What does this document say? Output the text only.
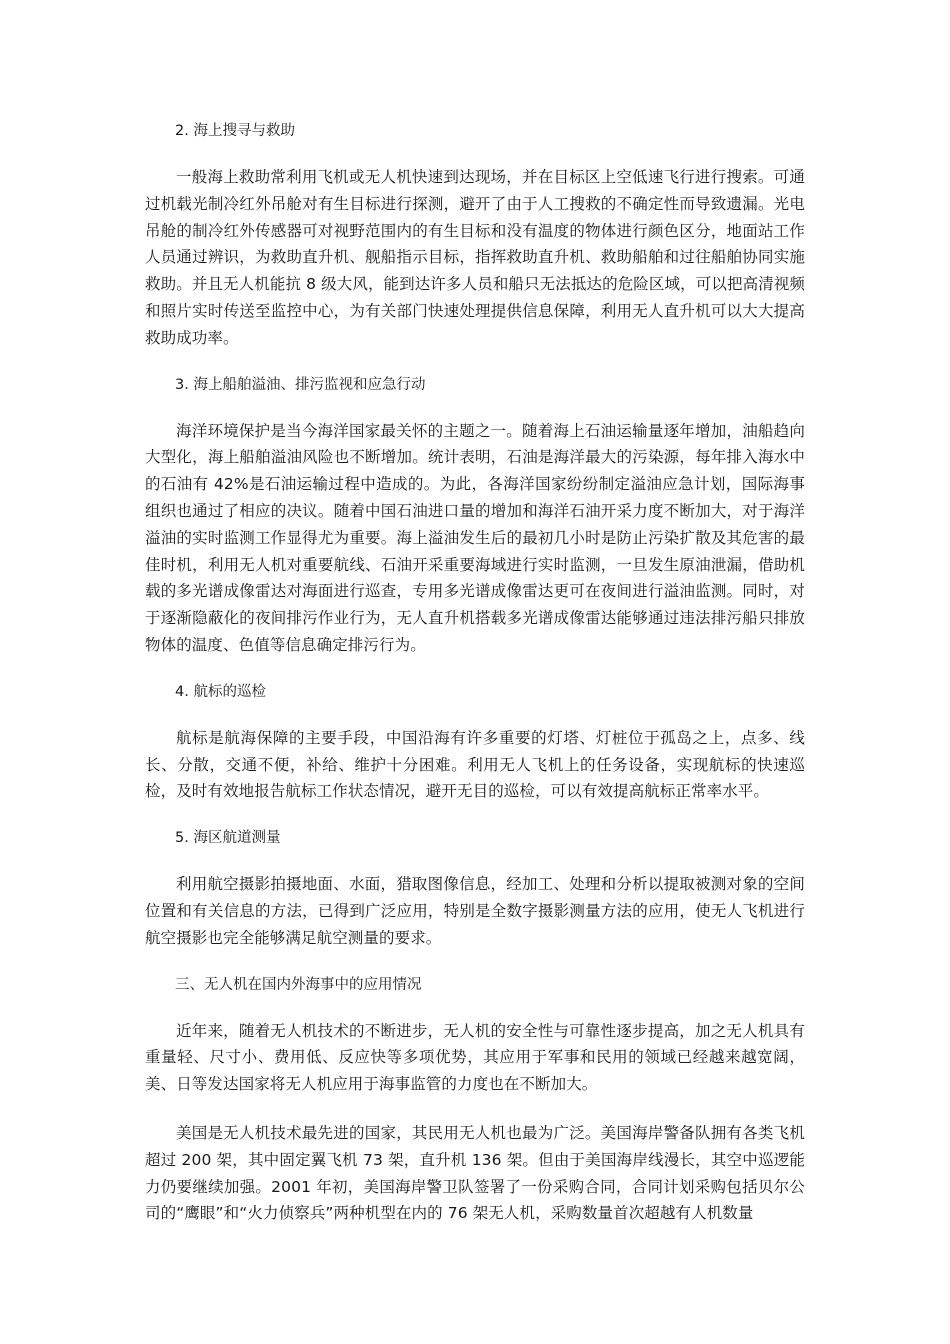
2. 海上搜寻与救助

一般海上救助常利用飞机或无人机快速到达现场，并在目标区上空低速飞行进行搜索。可通过机载光制冷红外吊舱对有生目标进行探测，避开了由于人工搜救的不确定性而导致遗漏。光电吊舱的制冷红外传感器可对视野范围内的有生目标和没有温度的物体进行颜色区分，地面站工作人员通过辨识，为救助直升机、舰船指示目标，指挥救助直升机、救助船舶和过往船舶协同实施救助。并且无人机能抗 8 级大风，能到达许多人员和船只无法抵达的危险区域，可以把高清视频和照片实时传送至监控中心，为有关部门快速处理提供信息保障，利用无人直升机可以大大提高救助成功率。

3. 海上船舶溢油、排污监视和应急行动

海洋环境保护是当今海洋国家最关怀的主题之一。随着海上石油运输量逐年增加，油船趋向大型化，海上船舶溢油风险也不断增加。统计表明，石油是海洋最大的污染源，每年排入海水中的石油有 42%是石油运输过程中造成的。为此，各海洋国家纷纷制定溢油应急计划，国际海事组织也通过了相应的决议。随着中国石油进口量的增加和海洋石油开采力度不断加大，对于海洋溢油的实时监测工作显得尤为重要。海上溢油发生后的最初几小时是防止污染扩散及其危害的最佳时机，利用无人机对重要航线、石油开采重要海域进行实时监测，一旦发生原油泄漏，借助机载的多光谱成像雷达对海面进行巡查，专用多光谱成像雷达更可在夜间进行溢油监测。同时，对于逐渐隐蔽化的夜间排污作业行为，无人直升机搭载多光谱成像雷达能够通过违法排污船只排放物体的温度、色值等信息确定排污行为。

4. 航标的巡检

航标是航海保障的主要手段，中国沿海有许多重要的灯塔、灯桩位于孤岛之上，点多、线长、分散，交通不便，补给、维护十分困难。利用无人飞机上的任务设备，实现航标的快速巡检，及时有效地报告航标工作状态情况，避开无目的巡检，可以有效提高航标正常率水平。

5. 海区航道测量

利用航空摄影拍摄地面、水面，猎取图像信息，经加工、处理和分析以提取被测对象的空间位置和有关信息的方法，已得到广泛应用，特别是全数字摄影测量方法的应用，使无人飞机进行航空摄影也完全能够满足航空测量的要求。

三、无人机在国内外海事中的应用情况

近年来，随着无人机技术的不断进步，无人机的安全性与可靠性逐步提高，加之无人机具有重量轻、尺寸小、费用低、反应快等多项优势，其应用于军事和民用的领域已经越来越宽阔，美、日等发达国家将无人机应用于海事监管的力度也在不断加大。

美国是无人机技术最先进的国家，其民用无人机也最为广泛。美国海岸警备队拥有各类飞机超过 200 架，其中固定翼飞机 73 架，直升机 136 架。但由于美国海岸线漫长，其空中巡逻能力仍要继续加强。2001 年初，美国海岸警卫队签署了一份采购合同，合同计划采购包括贝尔公司的“鹰眼”和“火力侦察兵”两种机型在内的 76 架无人机，采购数量首次超越有人机数量
